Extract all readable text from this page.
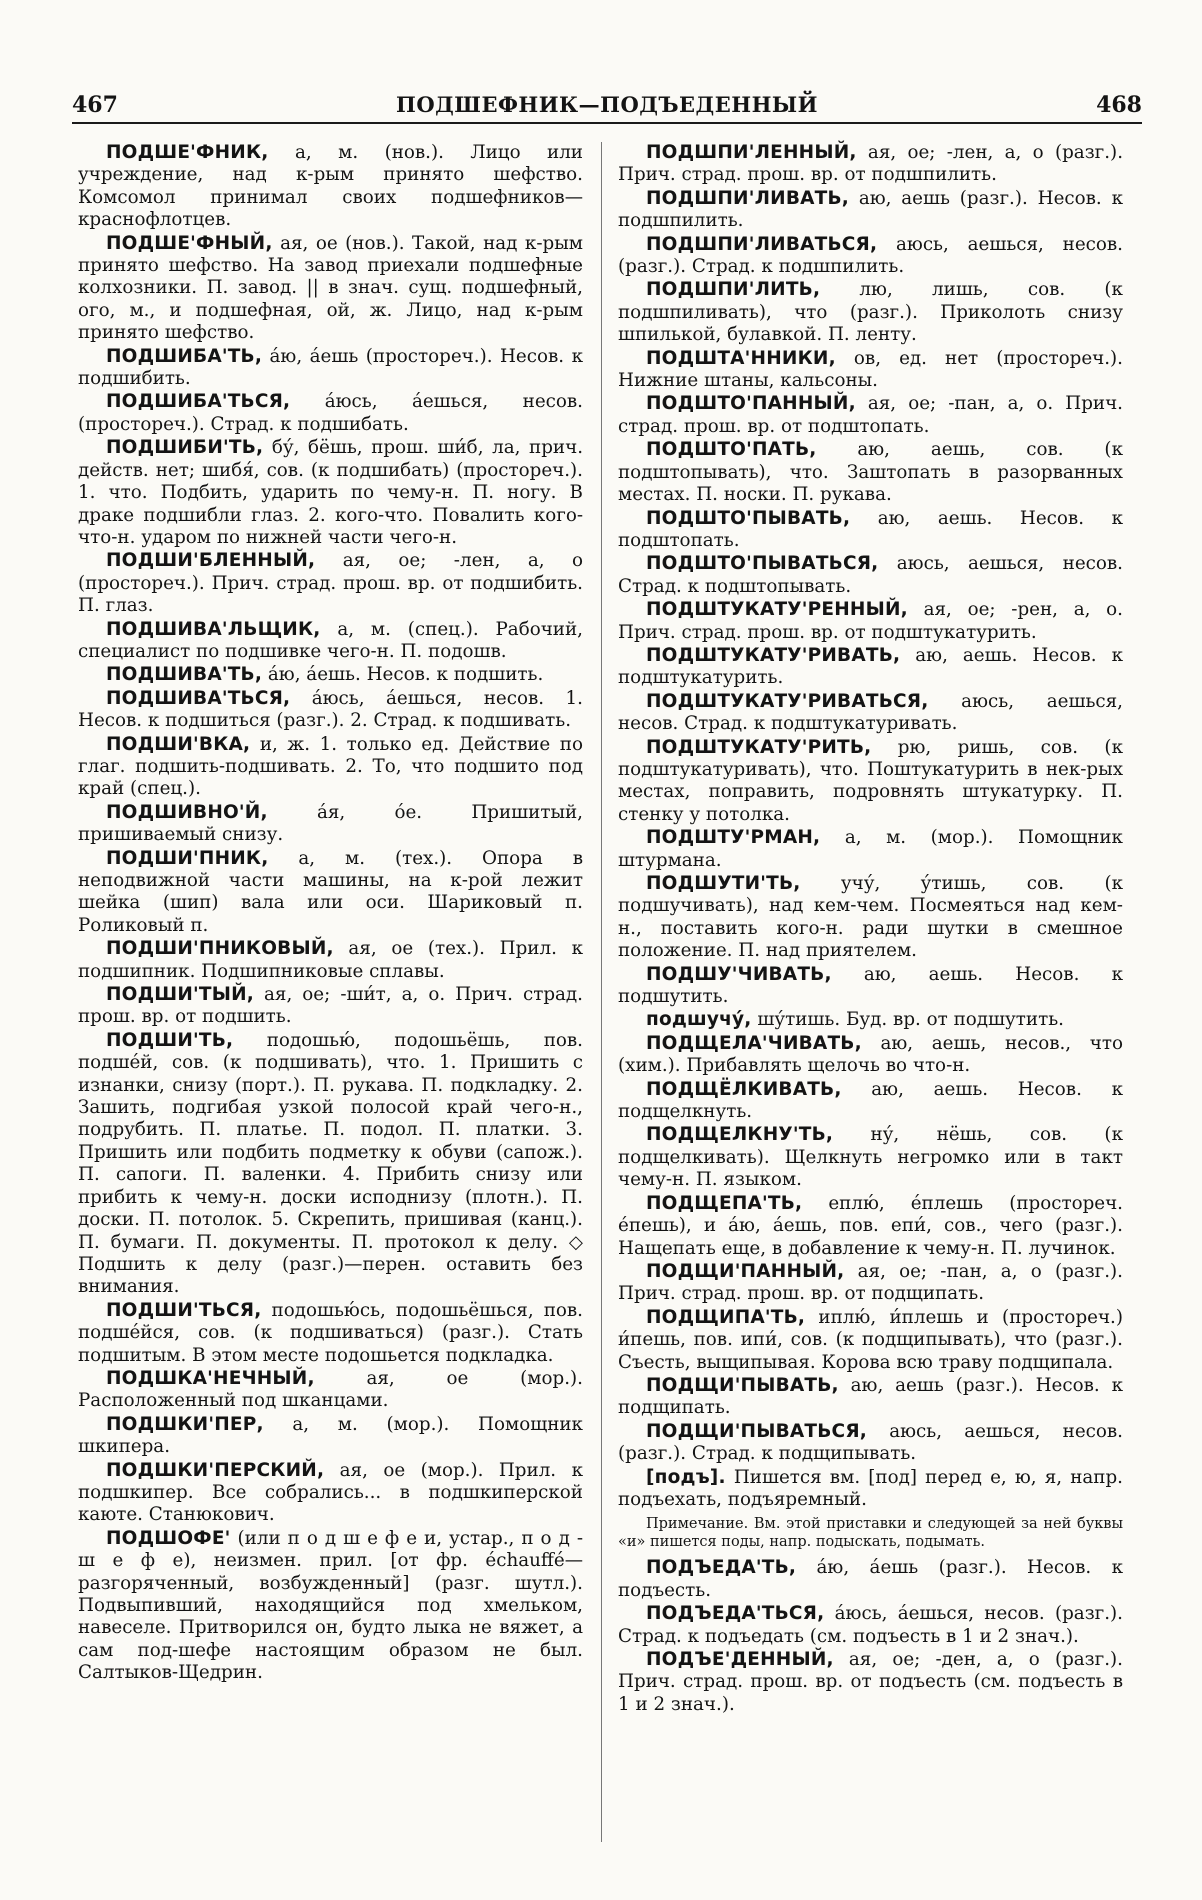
467	ПОДШЕФНИК—ПОДЪЕДЕННЫЙ	468
ПОДШЕ'ФНИК, а, м. (нов.). Лицо или учреждение, над к-рым принято шефство. Комсомол принимал своих подшефников—краснофлотцев.
ПОДШЕ'ФНЫЙ, ая, ое (нов.). Такой, над к-рым принято шефство. На завод приехали подшефные колхозники. П. завод. || в знач. сущ. подшефный, ого, м., и подшефная, ой, ж. Лицо, над к-рым принято шефство.
ПОДШИБА'ТЬ, а́ю, а́ешь (простореч.). Несов. к подшибить.
ПОДШИБА'ТЬСЯ, а́юсь, а́ешься, несов. (простореч.). Страд. к подшибать.
ПОДШИБИ'ТЬ, бу́, бёшь, прош. ши́б, ла, прич. действ. нет; шибя́, сов. (к подшибать) (простореч.). 1. что. Подбить, ударить по чему-н. П. ногу. В драке подшибли глаз. 2. кого-что. Повалить кого-что-н. ударом по нижней части чего-н.
ПОДШИ'БЛЕННЫЙ, ая, ое; -лен, а, о (простореч.). Прич. страд. прош. вр. от подшибить. П. глаз.
ПОДШИВА'ЛЬЩИК, а, м. (спец.). Рабочий, специалист по подшивке чего-н. П. подошв.
ПОДШИВА'ТЬ, а́ю, а́ешь. Несов. к подшить.
ПОДШИВА'ТЬСЯ, а́юсь, а́ешься, несов. 1. Несов. к подшиться (разг.). 2. Страд. к подшивать.
ПОДШИ'ВКА, и, ж. 1. только ед. Действие по глаг. подшить-подшивать. 2. То, что подшито под край (спец.).
ПОДШИВНО'Й, а́я, о́е. Пришитый, пришиваемый снизу.
ПОДШИ'ПНИК, а, м. (тех.). Опора в неподвижной части машины, на к-рой лежит шейка (шип) вала или оси. Шариковый п. Роликовый п.
ПОДШИ'ПНИКОВЫЙ, ая, ое (тех.). Прил. к подшипник. Подшипниковые сплавы.
ПОДШИ'ТЫЙ, ая, ое; -ши́т, а, о. Прич. страд. прош. вр. от подшить.
ПОДШИ'ТЬ, подошью́, подошьёшь, пов. подше́й, сов. (к подшивать), что. 1. Пришить с изнанки, снизу (порт.). П. рукава. П. подкладку. 2. Зашить, подгибая узкой полосой край чего-н., подрубить. П. платье. П. подол. П. платки. 3. Пришить или подбить подметку к обуви (сапож.). П. сапоги. П. валенки. 4. Прибить снизу или прибить к чему-н. доски исподнизу (плотн.). П. доски. П. потолок. 5. Скрепить, пришивая (канц.). П. бумаги. П. документы. П. протокол к делу. ◇ Подшить к делу (разг.)—перен. оставить без внимания.
ПОДШИ'ТЬСЯ, подошью́сь, подошьёшься, пов. подше́йся, сов. (к подшиваться) (разг.). Стать подшитым. В этом месте подошьется подкладка.
ПОДШКА'НЕЧНЫЙ, ая, ое (мор.). Расположенный под шканцами.
ПОДШКИ'ПЕР, а, м. (мор.). Помощник шкипера.
ПОДШКИ'ПЕРСКИЙ, ая, ое (мор.). Прил. к подшкипер. Все собрались... в подшкиперской каюте. Станюкович.
ПОДШОФЕ' (или п о д ш е ф е и, устар., п о д - ш е ф е), неизмен. прил. [от фр. échauffé—разгоряченный, возбужденный] (разг. шутл.). Подвыпивший, находящийся под хмельком, навеселе. Притворился он, будто лыка не вяжет, а сам под-шефе настоящим образом не был. Салтыков-Щедрин.
ПОДШПИ'ЛЕННЫЙ, ая, ое; -лен, а, о (разг.). Прич. страд. прош. вр. от подшпилить.
ПОДШПИ'ЛИВАТЬ, аю, аешь (разг.). Несов. к подшпилить.
ПОДШПИ'ЛИВАТЬСЯ, аюсь, аешься, несов. (разг.). Страд. к подшпилить.
ПОДШПИ'ЛИТЬ, лю, лишь, сов. (к подшпиливать), что (разг.). Приколоть снизу шпилькой, булавкой. П. ленту.
ПОДШТА'ННИКИ, ов, ед. нет (простореч.). Нижние штаны, кальсоны.
ПОДШТО'ПАННЫЙ, ая, ое; -пан, а, о. Прич. страд. прош. вр. от подштопать.
ПОДШТО'ПАТЬ, аю, аешь, сов. (к подштопывать), что. Заштопать в разорванных местах. П. носки. П. рукава.
ПОДШТО'ПЫВАТЬ, аю, аешь. Несов. к подштопать.
ПОДШТО'ПЫВАТЬСЯ, аюсь, аешься, несов. Страд. к подштопывать.
ПОДШТУКАТУ'РЕННЫЙ, ая, ое; -рен, а, о. Прич. страд. прош. вр. от подштукатурить.
ПОДШТУКАТУ'РИВАТЬ, аю, аешь. Несов. к подштукатурить.
ПОДШТУКАТУ'РИВАТЬСЯ, аюсь, аешься, несов. Страд. к подштукатуривать.
ПОДШТУКАТУ'РИТЬ, рю, ришь, сов. (к подштукатуривать), что. Поштукатурить в нек-рых местах, поправить, подровнять штукатурку. П. стенку у потолка.
ПОДШТУ'РМАН, а, м. (мор.). Помощник штурмана.
ПОДШУТИ'ТЬ, учу́, у́тишь, сов. (к подшучивать), над кем-чем. Посмеяться над кем-н., поставить кого-н. ради шутки в смешное положение. П. над приятелем.
ПОДШУ'ЧИВАТЬ, аю, аешь. Несов. к подшутить.
подшучу́, шу́тишь. Буд. вр. от подшутить.
ПОДЩЕЛА'ЧИВАТЬ, аю, аешь, несов., что (хим.). Прибавлять щелочь во что-н.
ПОДЩЁЛКИВАТЬ, аю, аешь. Несов. к подщелкнуть.
ПОДЩЕЛКНУ'ТЬ, ну́, нёшь, сов. (к подщелкивать). Щелкнуть негромко или в такт чему-н. П. языком.
ПОДЩЕПА'ТЬ, еплю́, е́плешь (простореч. е́пешь), и а́ю, а́ешь, пов. епи́, сов., чего (разг.). Нащепать еще, в добавление к чему-н. П. лучинок.
ПОДЩИ'ПАННЫЙ, ая, ое; -пан, а, о (разг.). Прич. страд. прош. вр. от подщипать.
ПОДЩИПА'ТЬ, иплю́, и́плешь и (простореч.) и́пешь, пов. ипи́, сов. (к подщипывать), что (разг.). Съесть, выщипывая. Корова всю траву подщипала.
ПОДЩИ'ПЫВАТЬ, аю, аешь (разг.). Несов. к подщипать.
ПОДЩИ'ПЫВАТЬСЯ, аюсь, аешься, несов. (разг.). Страд. к подщипывать.
[подъ]. Пишется вм. [под] перед е, ю, я, напр. подъехать, подъяремный.
Примечание. Вм. этой приставки и следующей за ней буквы «и» пишется поды, напр. подыскать, подымать.
ПОДЪЕДА'ТЬ, а́ю, а́ешь (разг.). Несов. к подъесть.
ПОДЪЕДА'ТЬСЯ, а́юсь, а́ешься, несов. (разг.). Страд. к подъедать (см. подъесть в 1 и 2 знач.).
ПОДЪЕ'ДЕННЫЙ, ая, ое; -ден, а, о (разг.). Прич. страд. прош. вр. от подъесть (см. подъесть в 1 и 2 знач.).
